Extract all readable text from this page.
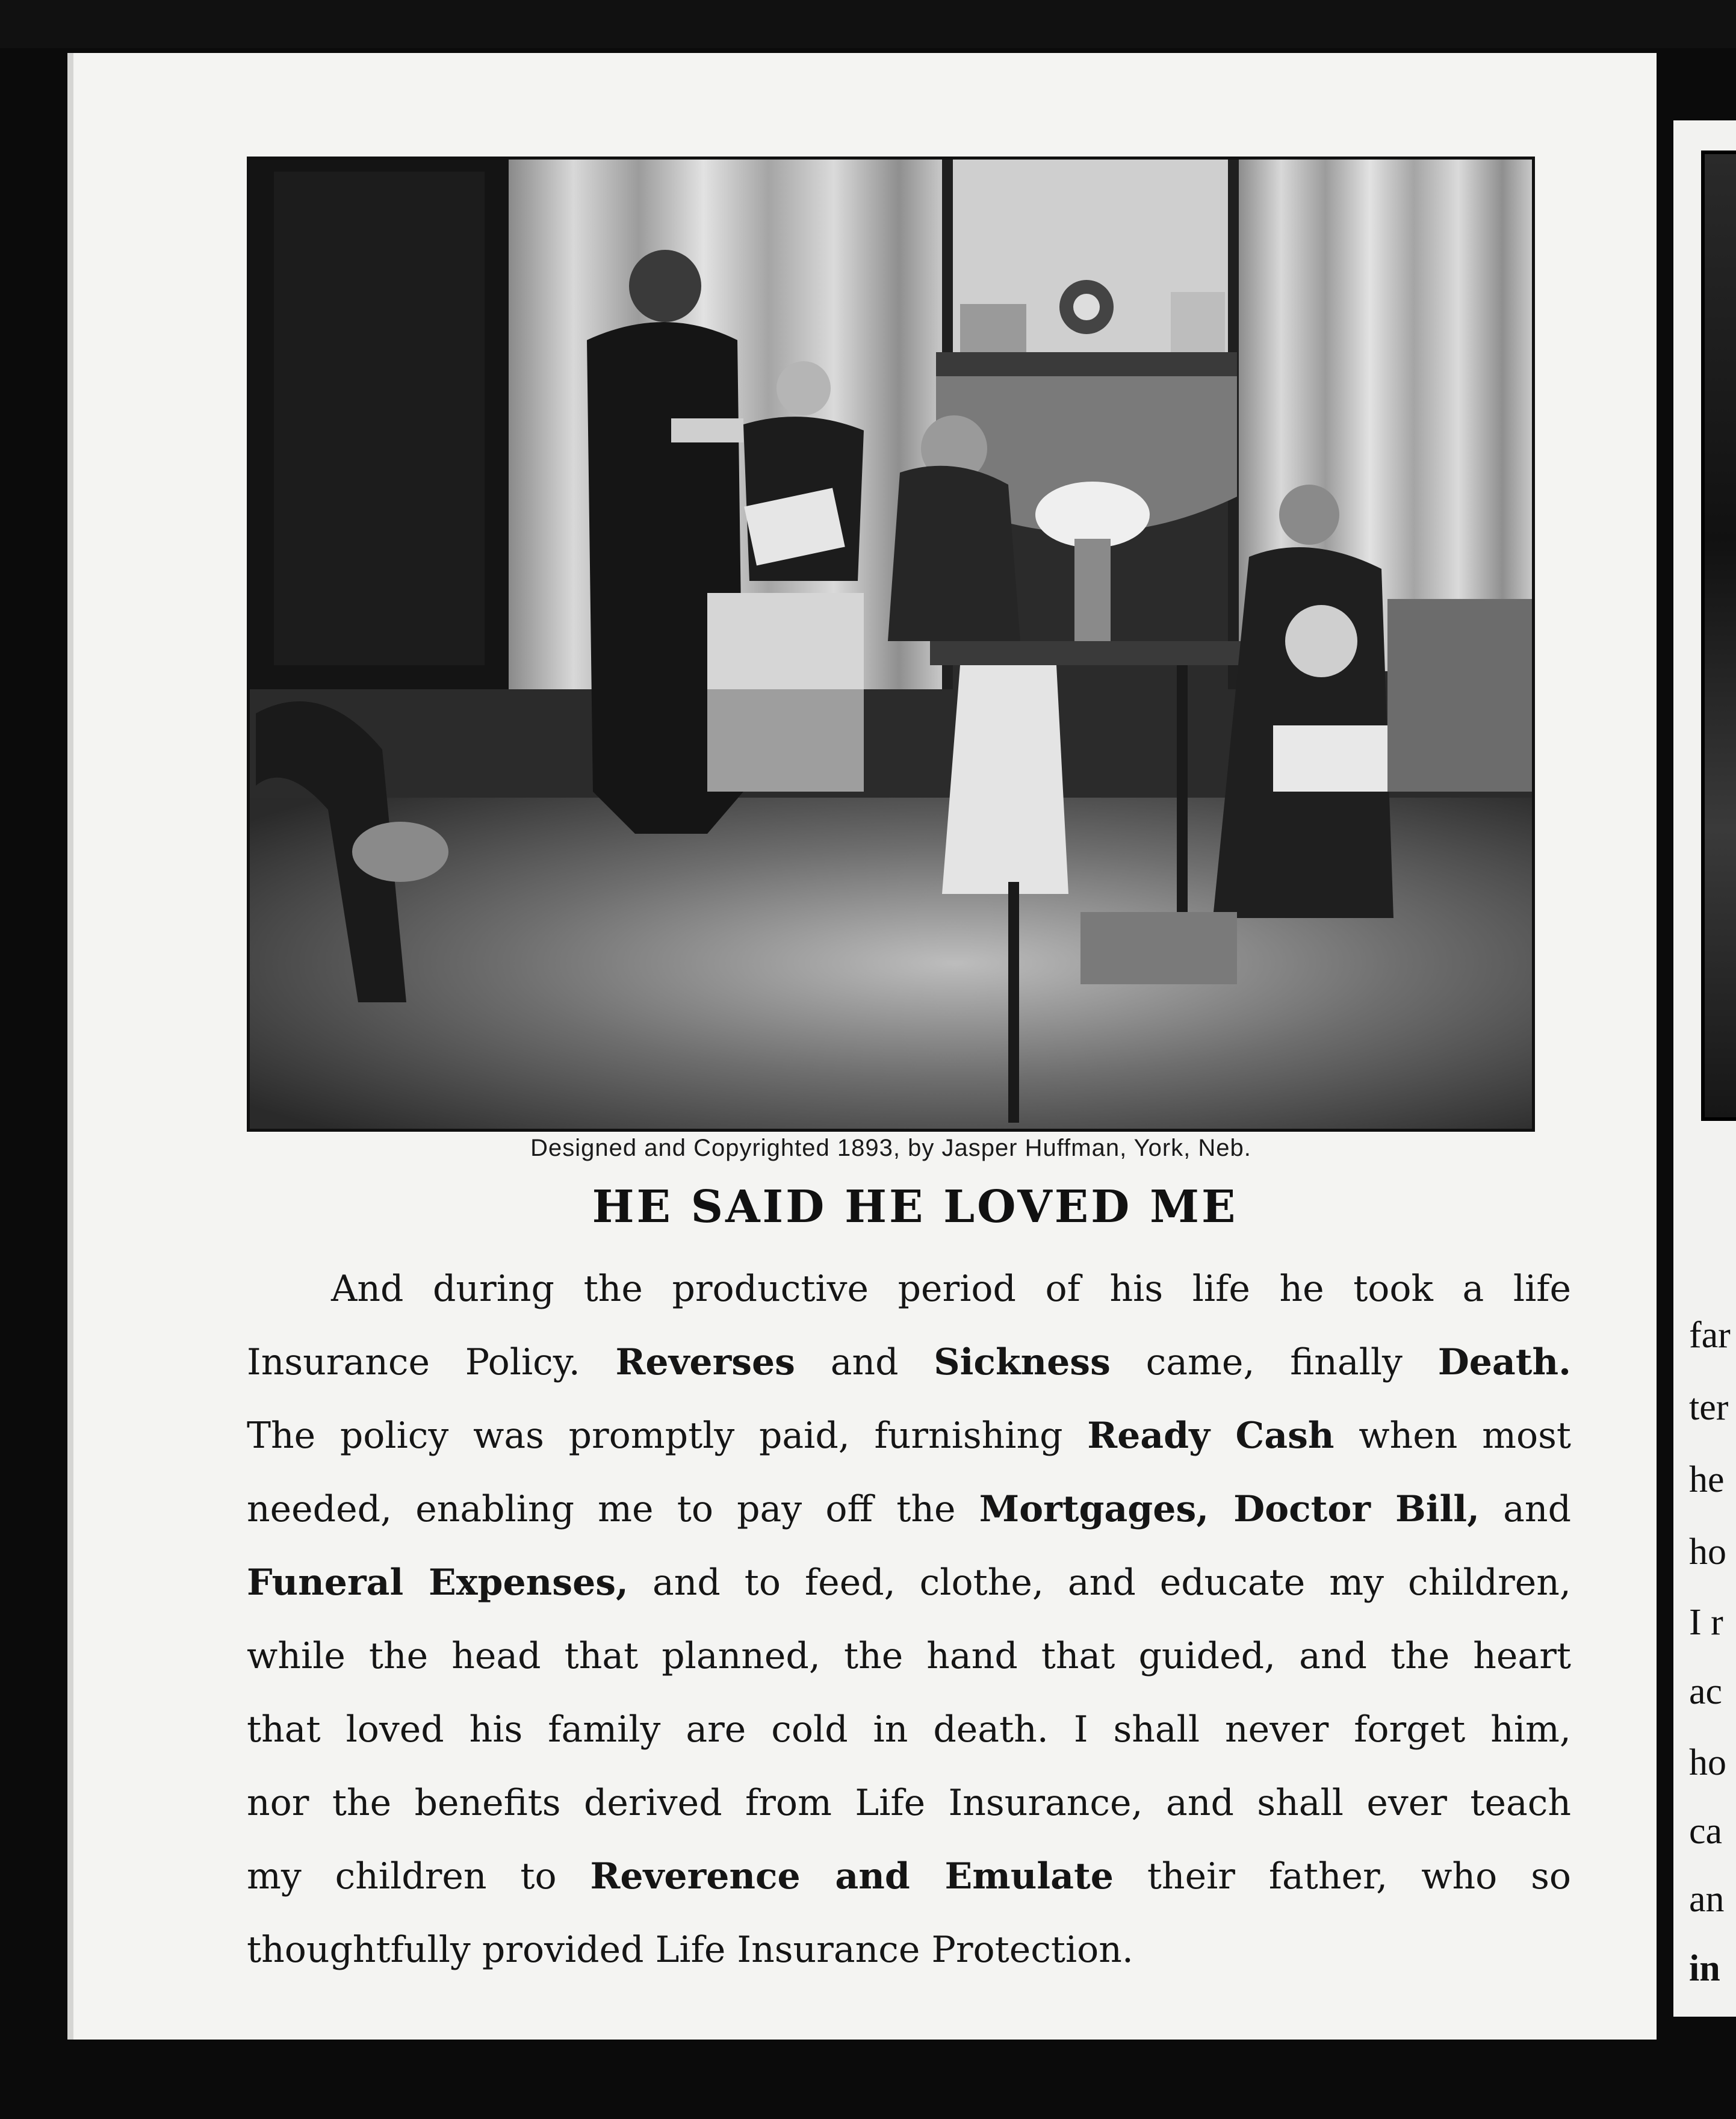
far
ter
he
ho
I r
ac
ho
ca
an
in
Designed and Copyrighted 1893, by Jasper Huffman, York, Neb.
HE SAID HE LOVED ME
And during the productive period of his life he took a life
Insurance Policy. Reverses and Sickness came, finally Death.
The policy was promptly paid, furnishing Ready Cash when most
needed, enabling me to pay off the Mortgages, Doctor Bill, and
Funeral Expenses, and to feed, clothe, and educate my children,
while the head that planned, the hand that guided, and the heart
that loved his family are cold in death. I shall never forget him,
nor the benefits derived from Life Insurance, and shall ever teach
my children to Reverence and Emulate their father, who so
thoughtfully provided Life Insurance Protection.
